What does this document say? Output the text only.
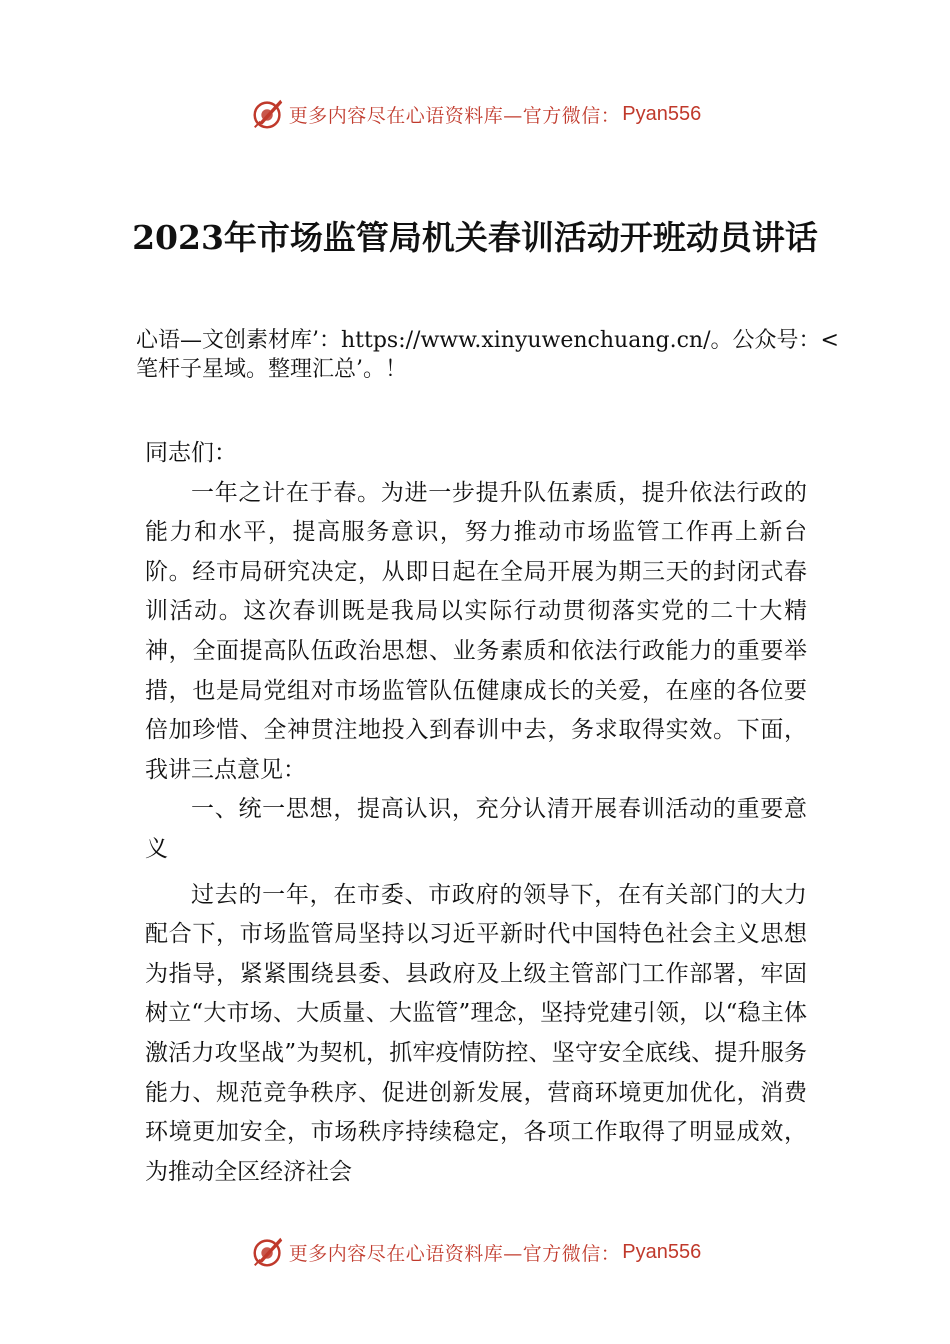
更多内容尽在心语资料库—官方微信： Pyan556
2023年市场监管局机关春训活动开班动员讲话

心语—文创素材库’：https://www.xinyuwenchuang.cn/。公众号：<笔杆子星域。整理汇总’。！

同志们：

一年之计在于春。为进一步提升队伍素质，提升依法行政的能力和水平，提高服务意识，努力推动市场监管工作再上新台阶。经市局研究决定，从即日起在全局开展为期三天的封闭式春训活动。这次春训既是我局以实际行动贯彻落实党的二十大精神，全面提高队伍政治思想、业务素质和依法行政能力的重要举措，也是局党组对市场监管队伍健康成长的关爱，在座的各位要倍加珍惜、全神贯注地投入到春训中去，务求取得实效。下面，我讲三点意见：

一、统一思想，提高认识，充分认清开展春训活动的重要意义

过去的一年，在市委、市政府的领导下，在有关部门的大力配合下，市场监管局坚持以习近平新时代中国特色社会主义思想为指导，紧紧围绕县委、县政府及上级主管部门工作部署，牢固树立“大市场、大质量、大监管”理念，坚持党建引领，以“稳主体激活力攻坚战”为契机，抓牢疫情防控、坚守安全底线、提升服务能力、规范竞争秩序、促进创新发展，营商环境更加优化，消费环境更加安全，市场秩序持续稳定，各项工作取得了明显成效，为推动全区经济社会

更多内容尽在心语资料库—官方微信： Pyan556
